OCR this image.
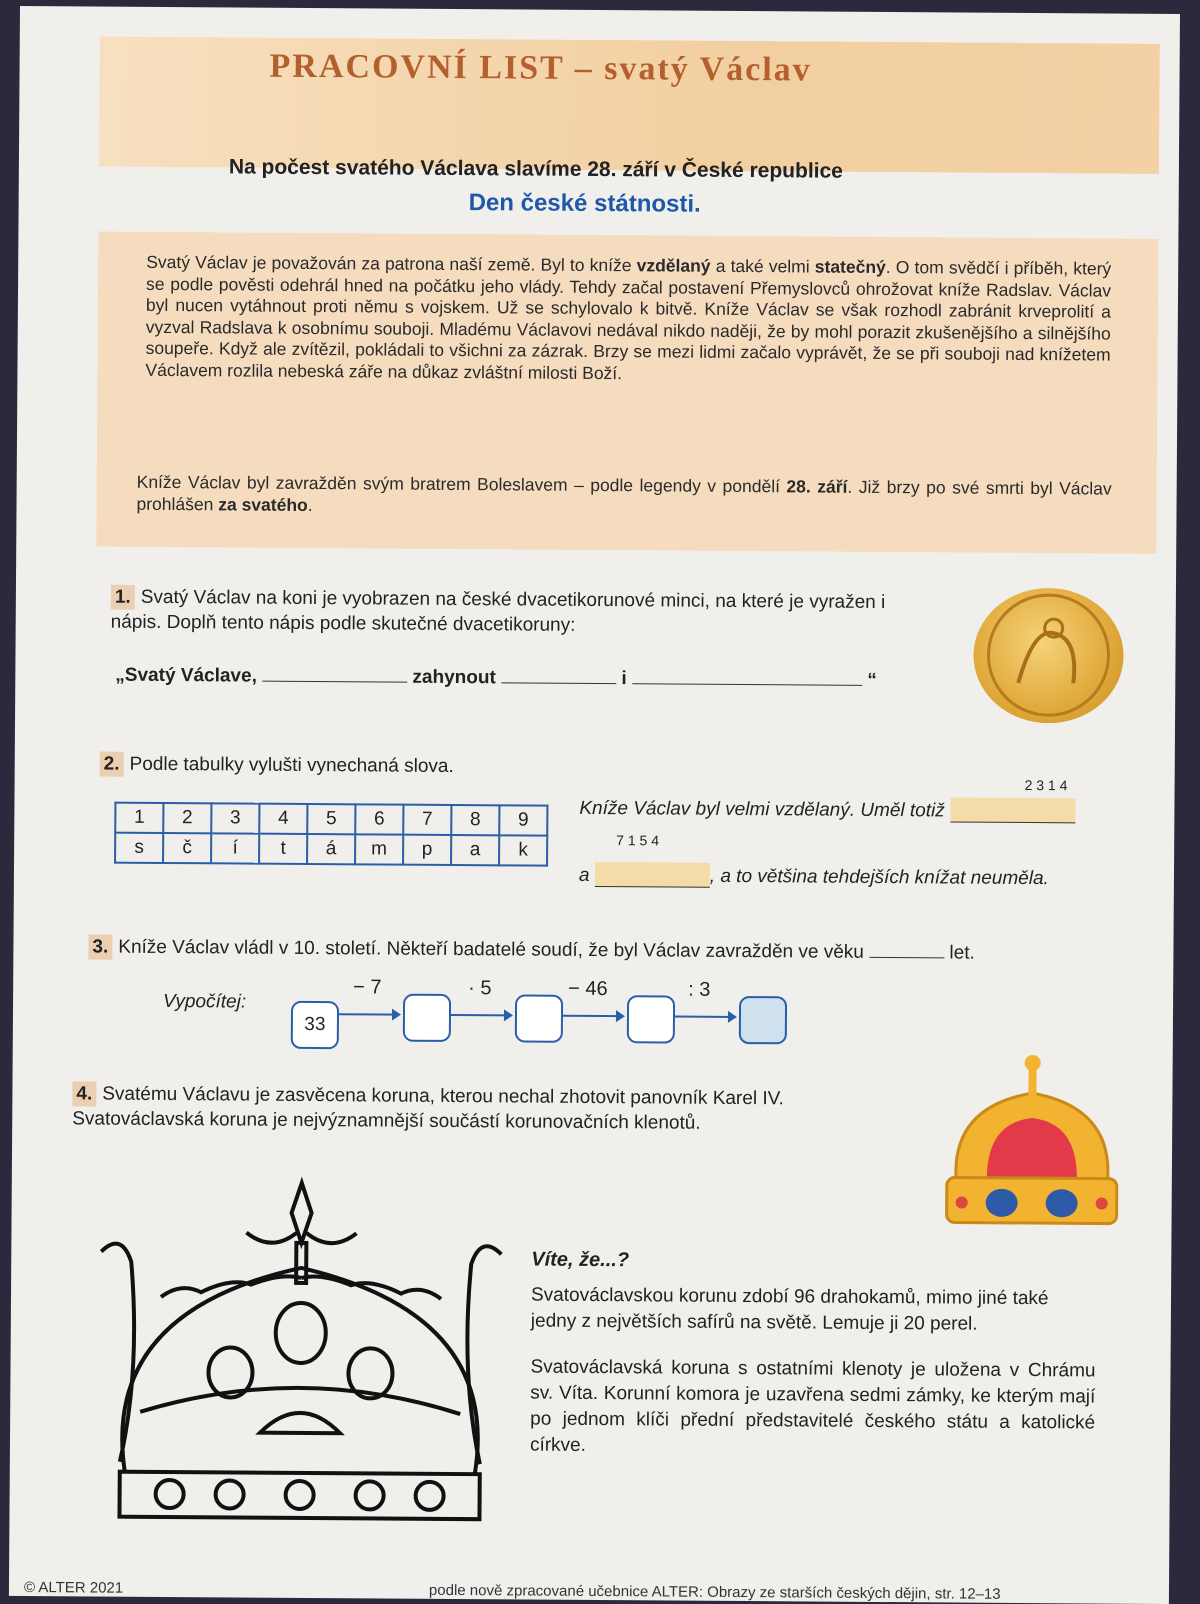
PRACOVNÍ LIST – svatý Václav
Na počest svatého Václava slavíme 28. září v České republice
Den české státnosti.

Svatý Václav je považován za patrona naší země. Byl to kníže vzdělaný a také velmi statečný. O tom svědčí i příběh, který se podle pověsti odehrál hned na počátku jeho vlády. Tehdy začal postavení Přemyslovců ohrožovat kníže Radslav. Václav byl nucen vytáhnout proti němu s vojskem. Už se schylovalo k bitvě. Kníže Václav se však rozhodl zabránit krveprolití a vyzval Radslava k osobnímu souboji. Mladému Václavovi nedával nikdo naději, že by mohl porazit zkušenějšího a silnějšího soupeře. Když ale zvítězil, pokládali to všichni za zázrak. Brzy se mezi lidmi začalo vyprávět, že se při souboji nad knížetem Václavem rozlila nebeská záře na důkaz zvláštní milosti Boží.

Kníže Václav byl zavražděn svým bratrem Boleslavem – podle legendy v pondělí 28. září. Již brzy po své smrti byl Václav prohlášen za svatého.

1. Svatý Václav na koni je vyobrazen na české dvacetikorunové minci, na které je vyražen i nápis. Doplň tento nápis podle skutečné dvacetikoruny:
„Svatý Václave,	zahynout	i	“
2. Podle tabulky vylušti vynechaná slova.
1	2	3	4	5	6	7	8	9
s	č	í	t	á	m	p	a	k
2 3 1 4
Kníže Václav byl velmi vzdělaný. Uměl totiž
7 1 5 4
a	, a to většina tehdejších knížat neuměla.
3. Kníže Václav vládl v 10. století. Někteří badatelé soudí, že byl Václav zavražděn ve věku	let.
Vypočítej:
33
− 7	· 5	− 46	: 3
4. Svatému Václavu je zasvěcena koruna, kterou nechal zhotovit panovník Karel IV.
Svatováclavská koruna je nejvýznamnější součástí korunovačních klenotů.
Víte, že...?
Svatováclavskou korunu zdobí 96 drahokamů, mimo jiné také jedny z největších safírů na světě. Lemuje ji 20 perel.
Svatováclavská koruna s ostatními klenoty je uložena v Chrámu sv. Víta. Korunní komora je uzavřena sedmi zámky, ke kterým mají po jednom klíči přední představitelé českého státu a katolické církve.
© ALTER 2021	podle nově zpracované učebnice ALTER: Obrazy ze starších českých dějin, str. 12–13
